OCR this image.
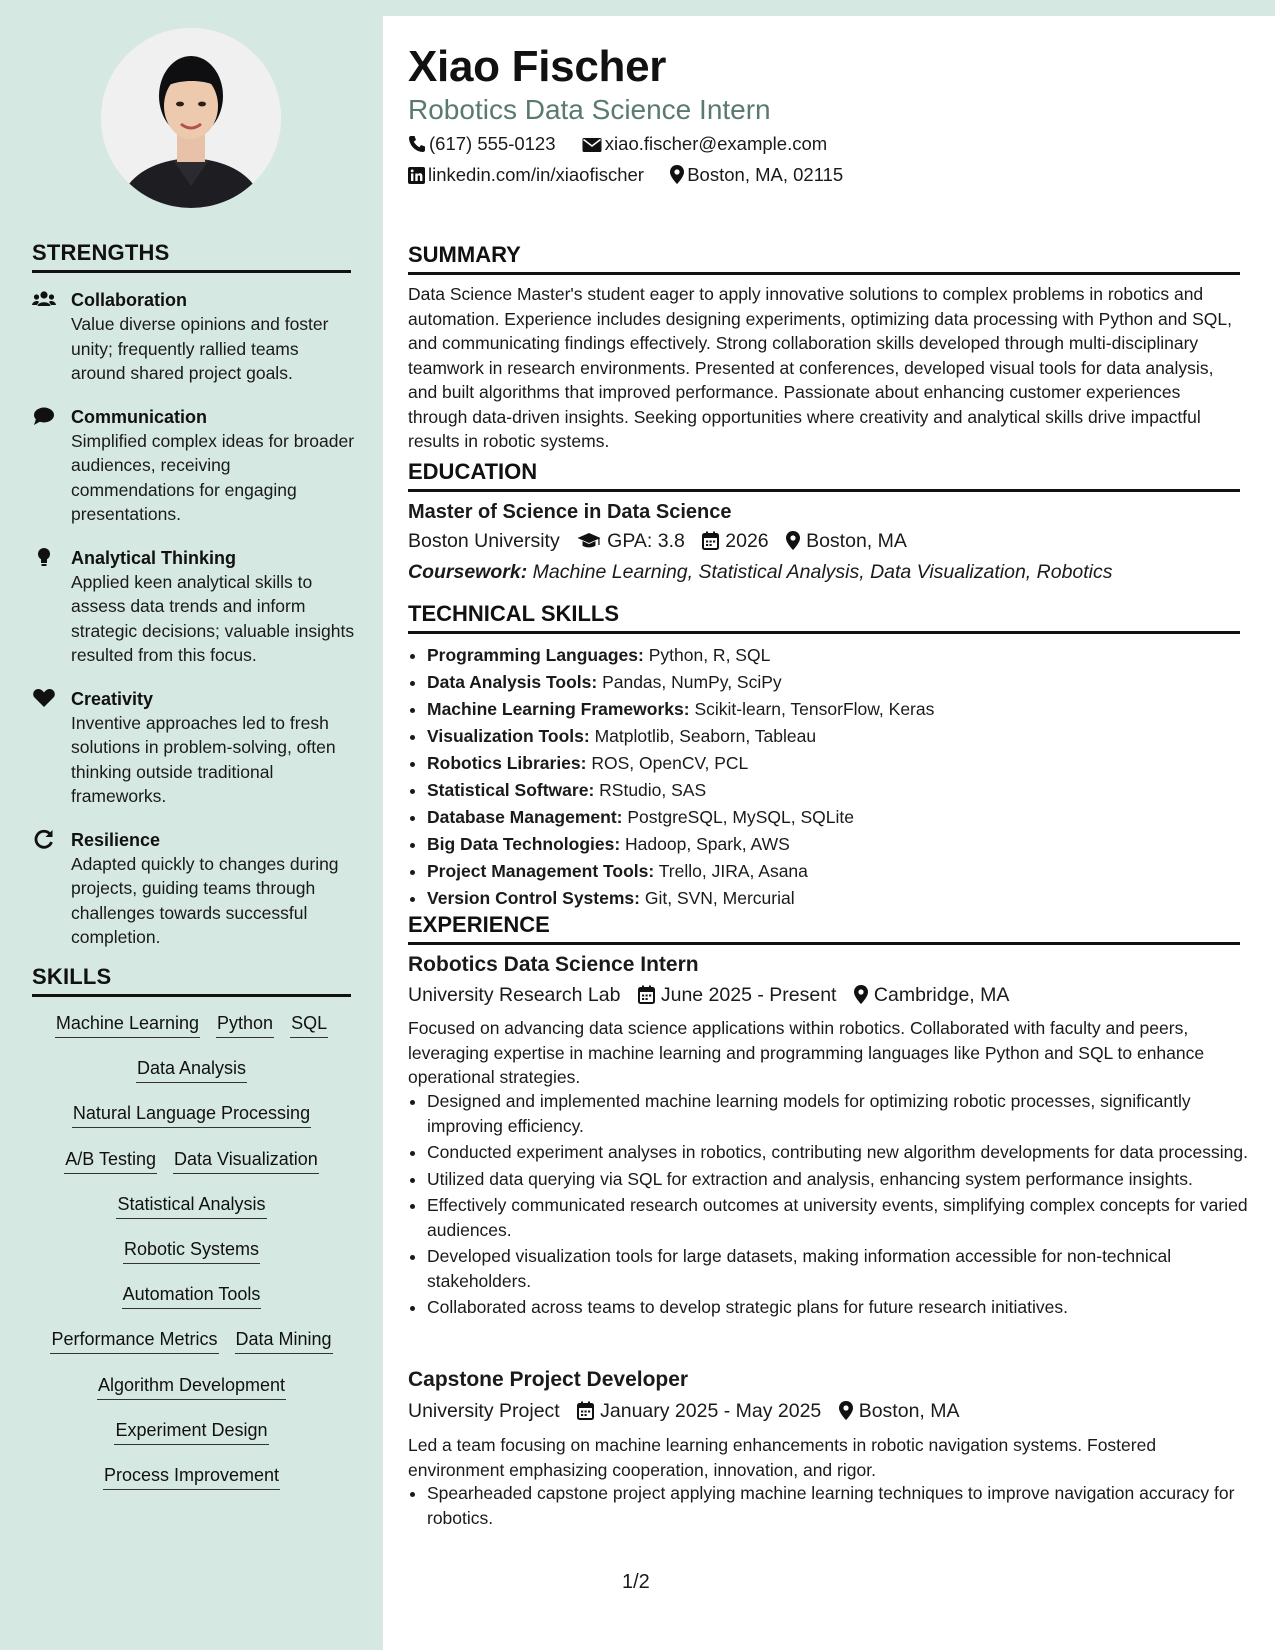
STRENGTHS
Collaboration
Value diverse opinions and foster unity; frequently rallied teams around shared project goals.
Communication
Simplified complex ideas for broader audiences, receiving commendations for engaging presentations.
Analytical Thinking
Applied keen analytical skills to assess data trends and inform strategic decisions; valuable insights resulted from this focus.
Creativity
Inventive approaches led to fresh solutions in problem-solving, often thinking outside traditional frameworks.
Resilience
Adapted quickly to changes during projects, guiding teams through challenges towards successful completion.
SKILLS
Machine Learning Python SQL
Data Analysis
Natural Language Processing
A/B Testing Data Visualization
Statistical Analysis
Robotic Systems
Automation Tools
Performance Metrics Data Mining
Algorithm Development
Experiment Design
Process Improvement
Xiao Fischer
Robotics Data Science Intern
(617) 555-0123	xiao.fischer@example.com
linkedin.com/in/xiaofischer Boston, MA, 02115
SUMMARY
Data Science Master's student eager to apply innovative solutions to complex problems in robotics and automation. Experience includes designing experiments, optimizing data processing with Python and SQL, and communicating findings effectively. Strong collaboration skills developed through multi-disciplinary teamwork in research environments. Presented at conferences, developed visual tools for data analysis, and built algorithms that improved performance. Passionate about enhancing customer experiences through data-driven insights. Seeking opportunities where creativity and analytical skills drive impactful results in robotic systems.
EDUCATION
Master of Science in Data Science
Boston University GPA: 3.8 2026 Boston, MA
Coursework: Machine Learning, Statistical Analysis, Data Visualization, Robotics
TECHNICAL SKILLS
• Programming Languages: Python, R, SQL
• Data Analysis Tools: Pandas, NumPy, SciPy
• Machine Learning Frameworks: Scikit-learn, TensorFlow, Keras
• Visualization Tools: Matplotlib, Seaborn, Tableau
• Robotics Libraries: ROS, OpenCV, PCL
• Statistical Software: RStudio, SAS
• Database Management: PostgreSQL, MySQL, SQLite
• Big Data Technologies: Hadoop, Spark, AWS
• Project Management Tools: Trello, JIRA, Asana
• Version Control Systems: Git, SVN, Mercurial
EXPERIENCE
Robotics Data Science Intern
University Research Lab June 2025 - Present Cambridge, MA
Focused on advancing data science applications within robotics. Collaborated with faculty and peers, leveraging expertise in machine learning and programming languages like Python and SQL to enhance operational strategies.
• Designed and implemented machine learning models for optimizing robotic processes, significantly improving efficiency.
• Conducted experiment analyses in robotics, contributing new algorithm developments for data processing.
• Utilized data querying via SQL for extraction and analysis, enhancing system performance insights.
• Effectively communicated research outcomes at university events, simplifying complex concepts for varied audiences.
• Developed visualization tools for large datasets, making information accessible for non-technical stakeholders.
• Collaborated across teams to develop strategic plans for future research initiatives.
Capstone Project Developer
University Project January 2025 - May 2025 Boston, MA
Led a team focusing on machine learning enhancements in robotic navigation systems. Fostered environment emphasizing cooperation, innovation, and rigor.
• Spearheaded capstone project applying machine learning techniques to improve navigation accuracy for robotics.
1/2
